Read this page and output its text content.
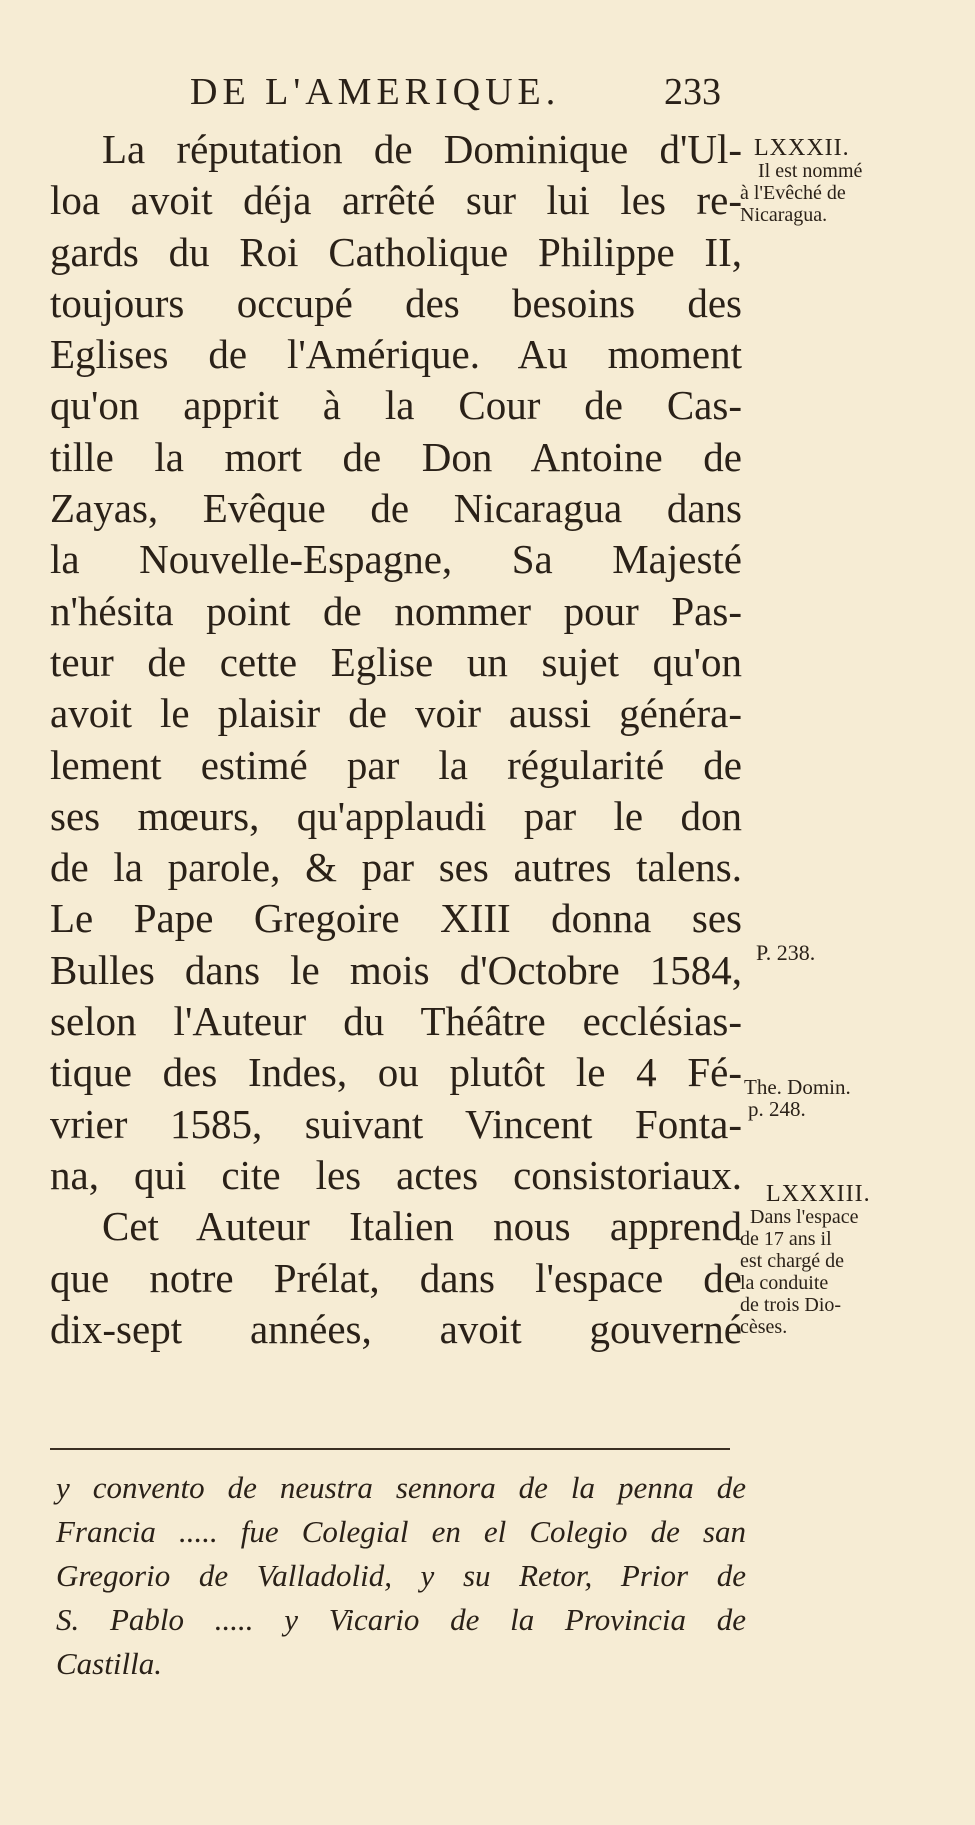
DE L'AMERIQUE.	233
La réputation de Dominique d'Ul-
loa avoit déja arrêté sur lui les re-
gards du Roi Catholique Philippe II,
toujours occupé des besoins des
Eglises de l'Amérique. Au moment
qu'on apprit à la Cour de Cas-
tille la mort de Don Antoine de
Zayas, Evêque de Nicaragua dans
la Nouvelle-Espagne, Sa Majesté
n'hésita point de nommer pour Pas-
teur de cette Eglise un sujet qu'on
avoit le plaisir de voir aussi généra-
lement estimé par la régularité de
ses mœurs, qu'applaudi par le don
de la parole, & par ses autres talens.
Le Pape Gregoire XIII donna ses
Bulles dans le mois d'Octobre 1584,
selon l'Auteur du Théâtre ecclésias-
tique des Indes, ou plutôt le 4 Fé-
vrier 1585, suivant Vincent Fonta-
na, qui cite les actes consistoriaux.
Cet Auteur Italien nous apprend
que notre Prélat, dans l'espace de
dix-sept années, avoit gouverné
y convento de neustra sennora de la penna de
Francia ..... fue Colegial en el Colegio de san
Gregorio de Valladolid, y su Retor, Prior de
S. Pablo ..... y Vicario de la Provincia de
Castilla.
LXXXII.
Il est nommé
à l'Evêché de
Nicaragua.
P. 238.
The. Domin.
p. 248.
LXXXIII.
Dans l'espace
de 17 ans il
est chargé de
la conduite
de trois Dio-
cèses.
